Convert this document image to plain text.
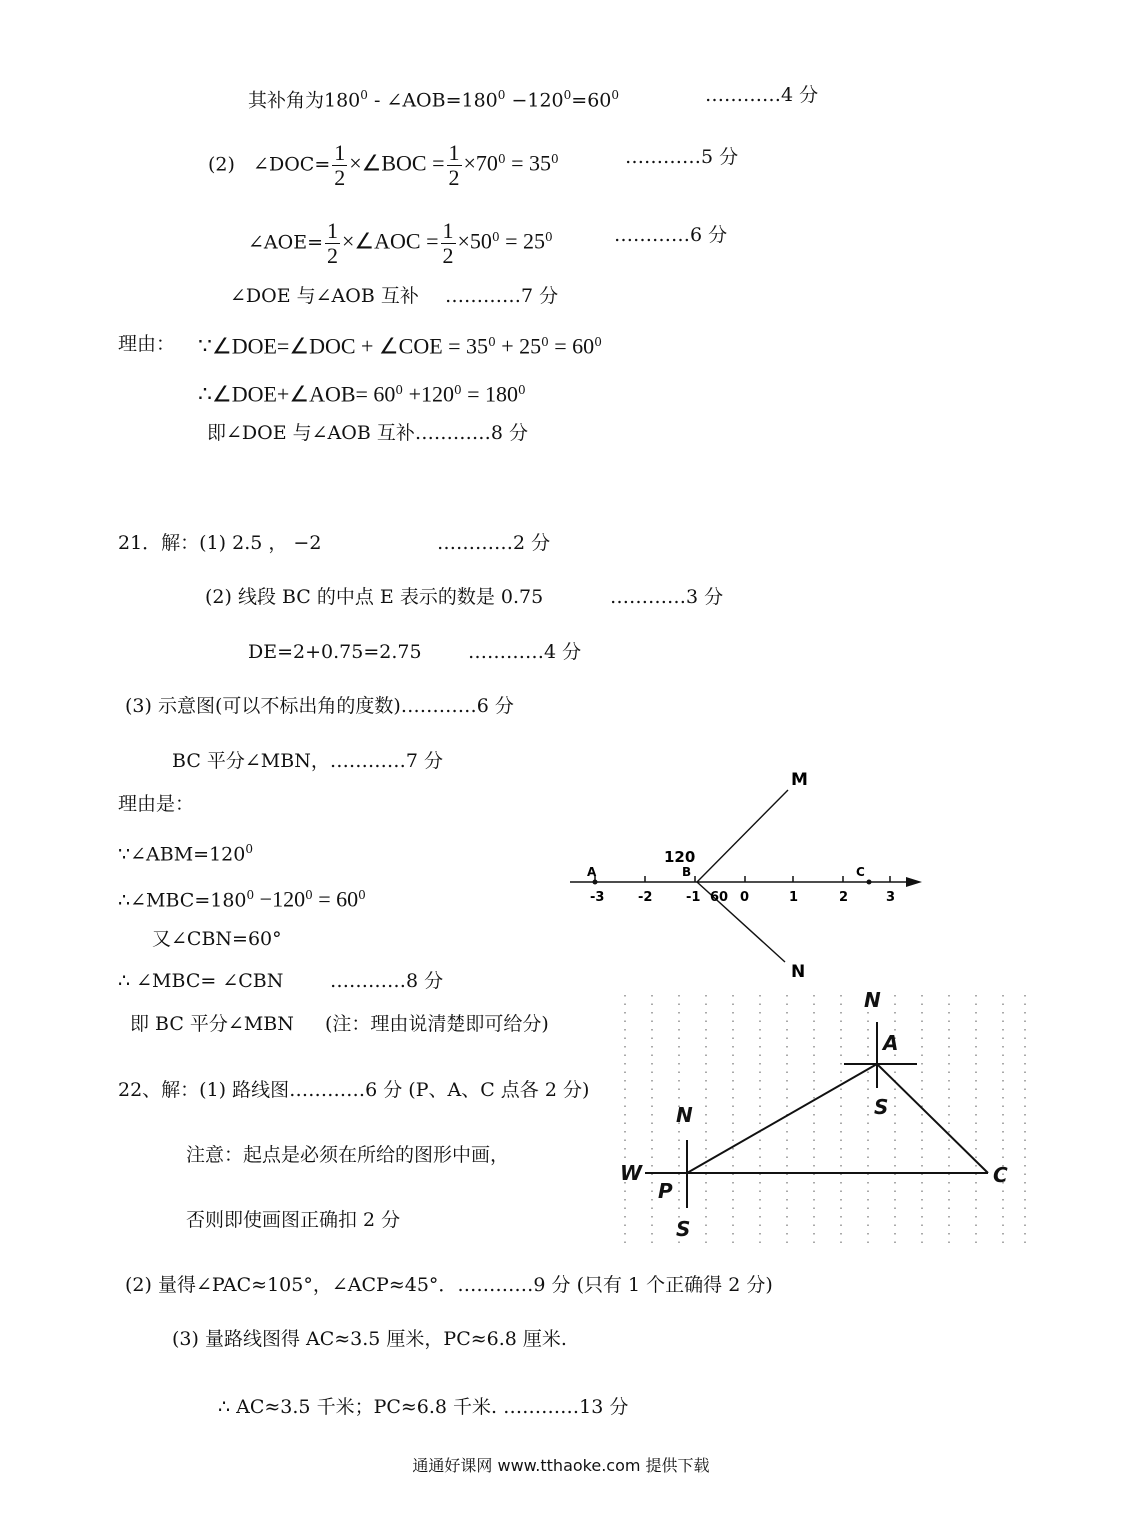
其补角为$180^0$ - $\angle AOB=180^0 -120^0=60^0$	…………4 分
(2) ∠DOC= $\frac{1}{2}$ ×∠BOC = $\frac{1}{2} \times 70^0 = 35^0$	…………5 分
∠AOE= $\frac{1}{2}$ ×∠AOC = $\frac{1}{2} \times 50^0 = 25^0$	…………6 分
∠DOE 与∠AOB 互补 …………7 分
理由： ∵∠DOE=∠DOC + ∠COE = $35^0 + 25^0 = 60^0$
∴∠DOE+∠AOB= $60^0 +120^0 = 180^0$
即∠DOE 与∠AOB 互补…………8 分
21．解：(1) 2.5 ， −2	…………2 分
(2) 线段 BC 的中点 E 表示的数是 0.75	…………3 分
DE=2+0.75=2.75 …………4 分
(3) 示意图(可以不标出角的度数)…………6 分
BC 平分∠MBN，…………7 分
理由是：
$\because\angle ABM=120^0$
$\therefore\angle MBC=180^0 -120^0 = 60^0$
又∠CBN=60°
∴ ∠MBC= ∠CBN …………8 分
即 BC 平分∠MBN (注：理由说清楚即可给分)
22、解：(1) 路线图…………6 分 (P、A、C 点各 2 分)
注意：起点是必须在所给的图形中画，
否则即使画图正确扣 2 分
(2) 量得∠PAC≈105°，∠ACP≈45°．…………9 分 (只有 1 个正确得 2 分)
(3) 量路线图得 AC≈3.5 厘米，PC≈6.8 厘米.
∴ AC≈3.5 千米；PC≈6.8 千米. …………13 分
-3	-2	-1	0	1	2	3
A	B	C
M
N
120
60
N
A
S
N
W
P
S
C
通通好课网 www.tthaoke.com 提供下载
